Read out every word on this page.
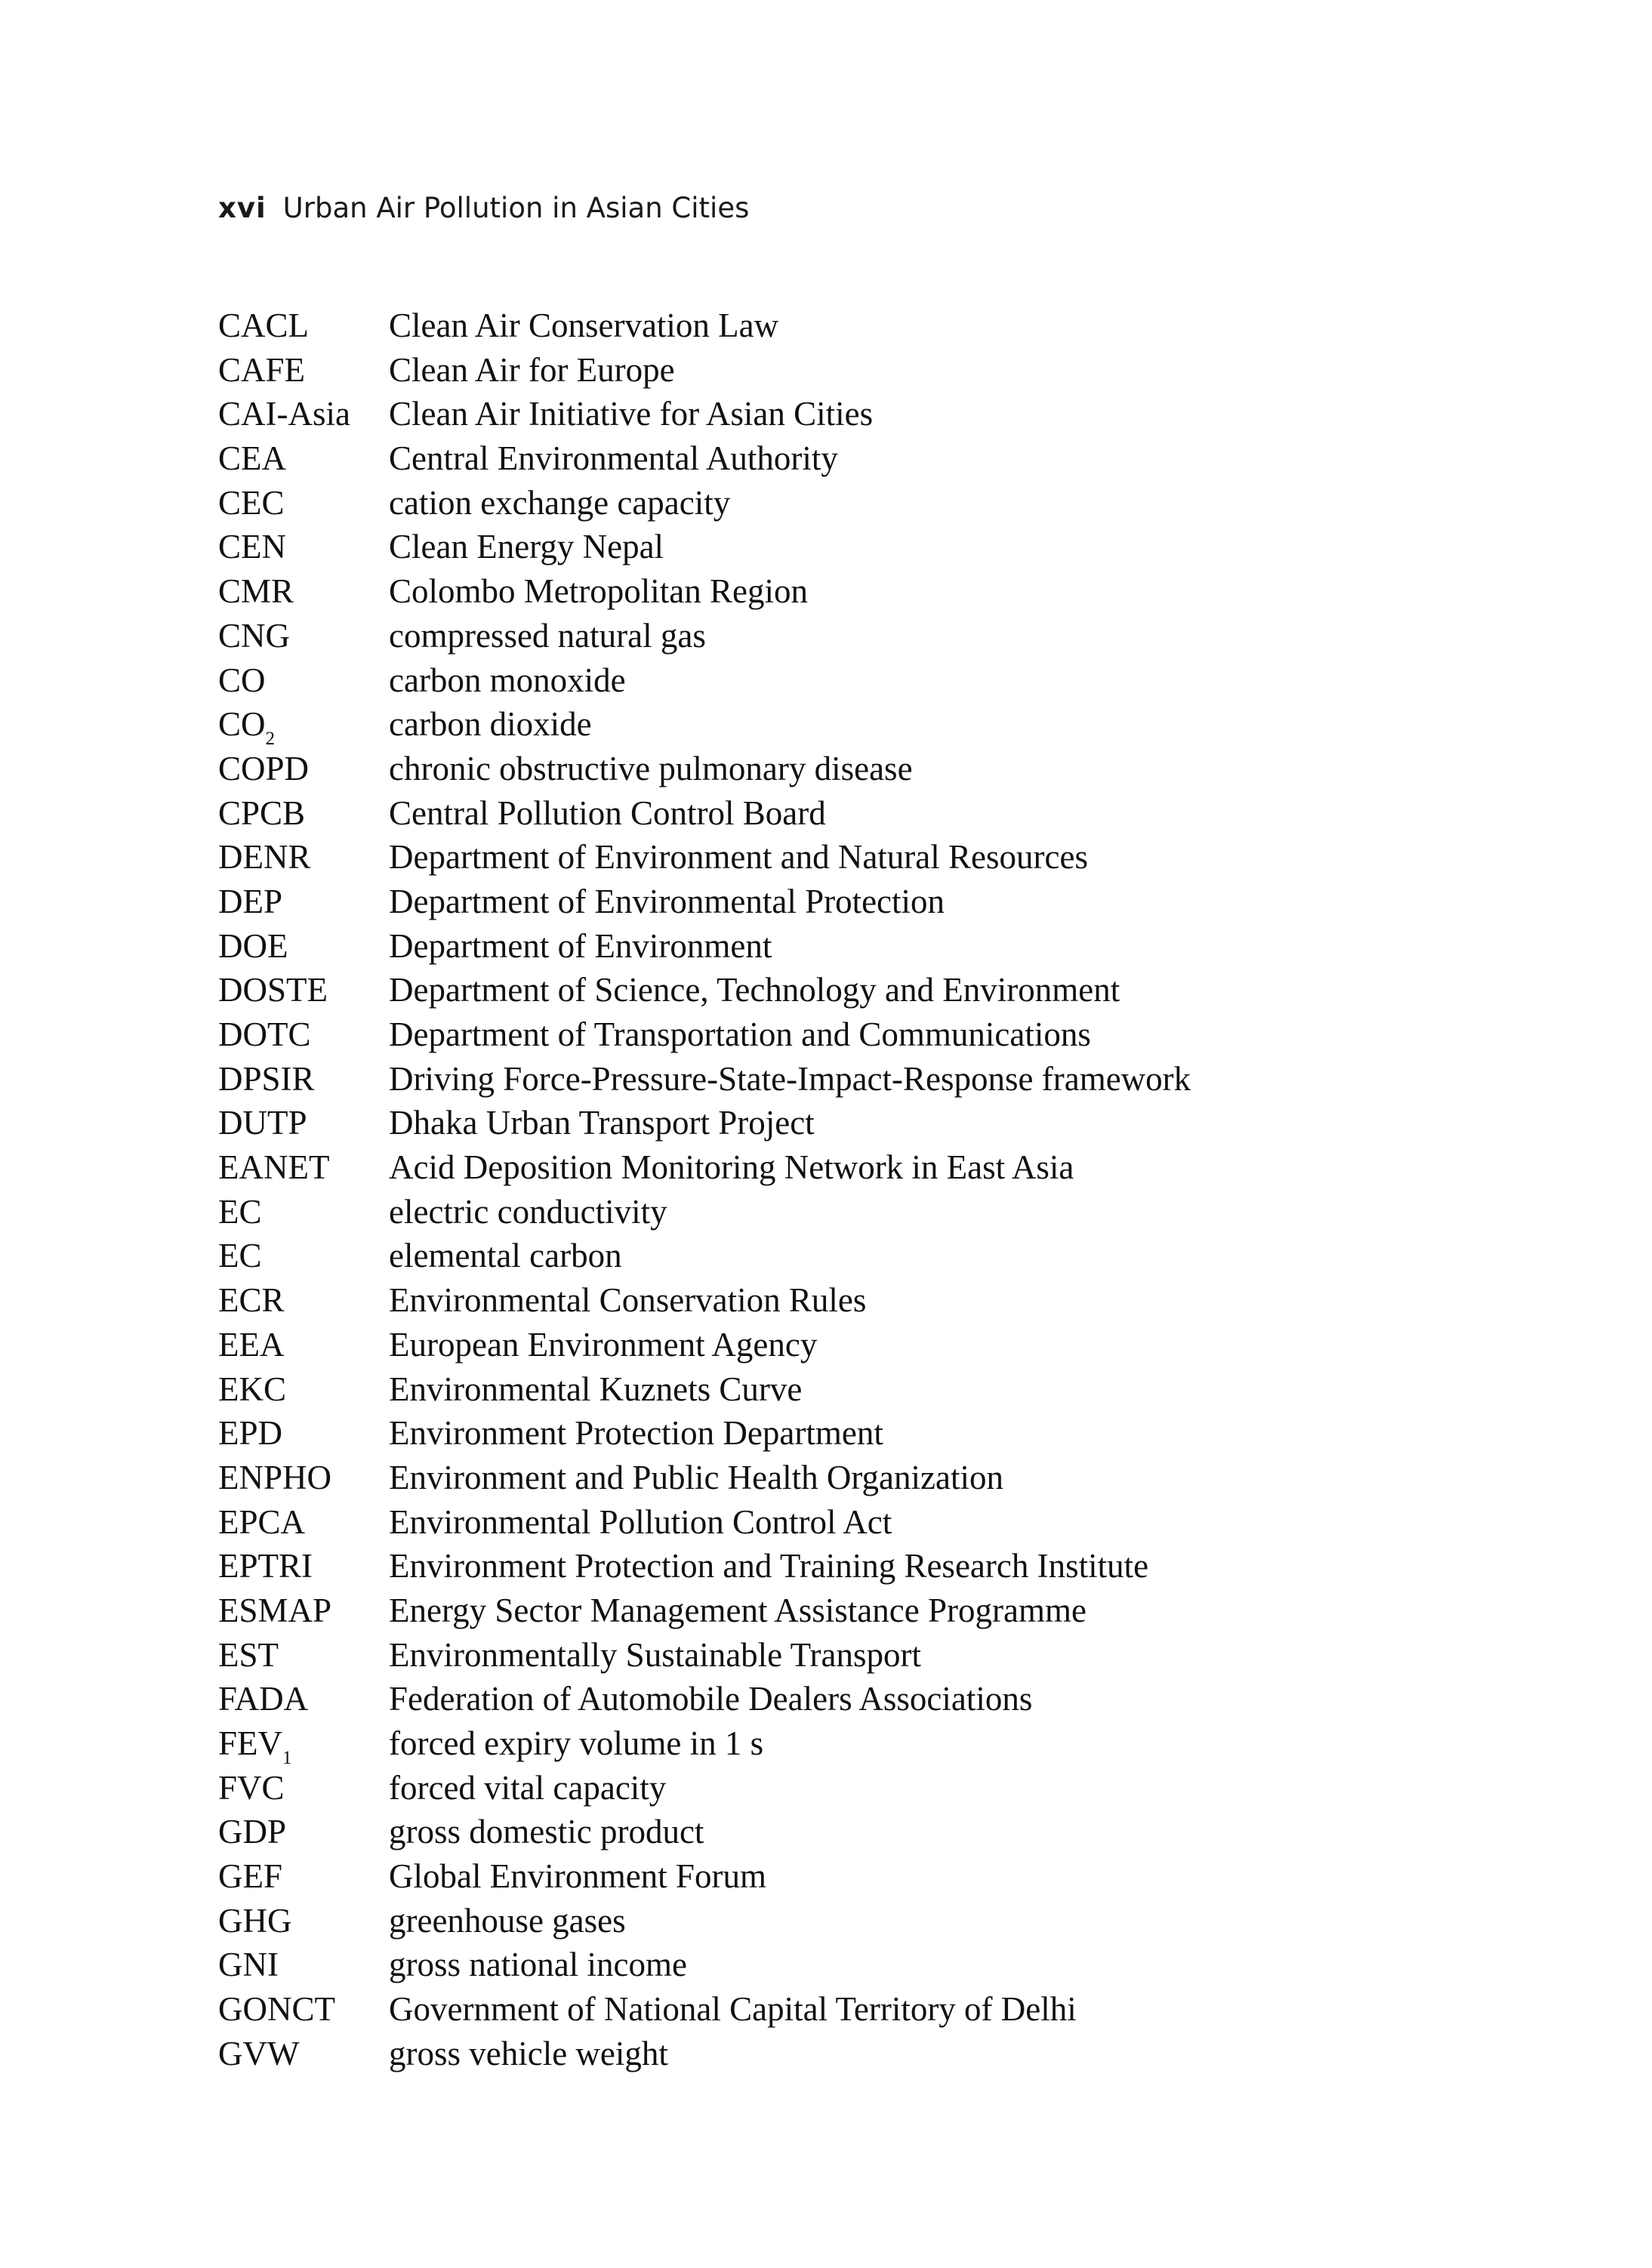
xvi Urban Air Pollution in Asian Cities
CACL	Clean Air Conservation Law
CAFE	Clean Air for Europe
CAI-Asia	Clean Air Initiative for Asian Cities
CEA	Central Environmental Authority
CEC	cation exchange capacity
CEN	Clean Energy Nepal
CMR	Colombo Metropolitan Region
CNG	compressed natural gas
CO	carbon monoxide
$CO_2$	carbon dioxide
COPD	chronic obstructive pulmonary disease
CPCB	Central Pollution Control Board
DENR	Department of Environment and Natural Resources
DEP	Department of Environmental Protection
DOE	Department of Environment
DOSTE	Department of Science, Technology and Environment
DOTC	Department of Transportation and Communications
DPSIR	Driving Force-Pressure-State-Impact-Response framework
DUTP	Dhaka Urban Transport Project
EANET	Acid Deposition Monitoring Network in East Asia
EC	electric conductivity
EC	elemental carbon
ECR	Environmental Conservation Rules
EEA	European Environment Agency
EKC	Environmental Kuznets Curve
EPD	Environment Protection Department
ENPHO	Environment and Public Health Organization
EPCA	Environmental Pollution Control Act
EPTRI	Environment Protection and Training Research Institute
ESMAP	Energy Sector Management Assistance Programme
EST	Environmentally Sustainable Transport
FADA	Federation of Automobile Dealers Associations
$FEV_1$	forced expiry volume in 1 s
FVC	forced vital capacity
GDP	gross domestic product
GEF	Global Environment Forum
GHG	greenhouse gases
GNI	gross national income
GONCT	Government of National Capital Territory of Delhi
GVW	gross vehicle weight
